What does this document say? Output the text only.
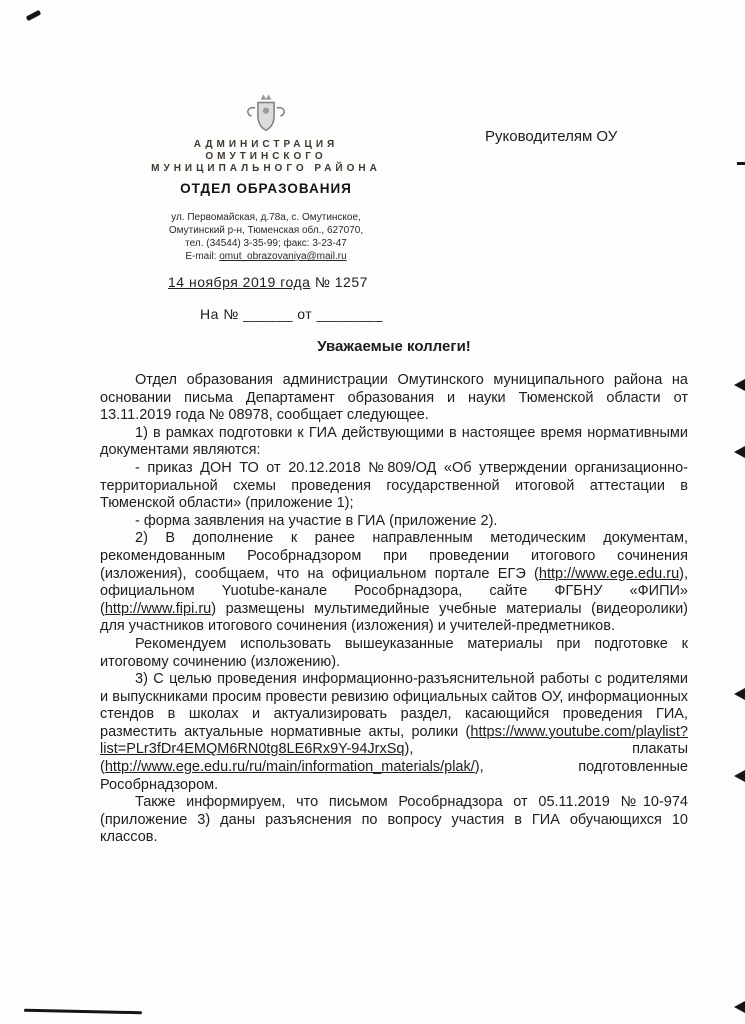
Руководителям ОУ
АДМИНИСТРАЦИЯ
ОМУТИНСКОГО
МУНИЦИПАЛЬНОГО РАЙОНА
ОТДЕЛ ОБРАЗОВАНИЯ
ул. Первомайская, д.78а, с. Омутинское,
Омутинский р-н, Тюменская обл., 627070,
тел. (34544) 3-35-99; факс: 3-23-47
E-mail: omut_obrazovaniya@mail.ru
14 ноября 2019 года № 1257
На № ______ от ________
Уважаемые коллеги!

Отдел образования администрации Омутинского муниципального района на основании письма Департамент образования и науки Тюменской области от 13.11.2019 года № 08978, сообщает следующее.

1) в рамках подготовки к ГИА действующими в настоящее время нормативными документами являются:

- приказ ДОН ТО от 20.12.2018 №809/ОД «Об утверждении организационно-территориальной схемы проведения государственной итоговой аттестации в Тюменской области» (приложение 1);

- форма заявления на участие в ГИА (приложение 2).

2) В дополнение к ранее направленным методическим документам, рекомендованным Рособрнадзором при проведении итогового сочинения (изложения), сообщаем, что на официальном портале ЕГЭ (http://www.ege.edu.ru), официальном Yuotube-канале Рособрнадзора, сайте ФГБНУ «ФИПИ» (http://www.fipi.ru) размещены мультимедийные учебные материалы (видеоролики) для участников итогового сочинения (изложения) и учителей-предметников.

Рекомендуем использовать вышеуказанные материалы при подготовке к итоговому сочинению (изложению).

3) С целью проведения информационно-разъяснительной работы с родителями и выпускниками просим провести ревизию официальных сайтов ОУ, информационных стендов в школах и актуализировать раздел, касающийся проведения ГИА, разместить актуальные нормативные акты, ролики (https://www.youtube.com/playlist?list=PLr3fDr4EMQM6RN0tg8LE6Rx9Y-94JrxSq), плакаты (http://www.ege.edu.ru/ru/main/information_materials/plak/), подготовленные Рособрнадзором.

Также информируем, что письмом Рособрнадзора от 05.11.2019 №10-974 (приложение 3) даны разъяснения по вопросу участия в ГИА обучающихся 10 классов.
